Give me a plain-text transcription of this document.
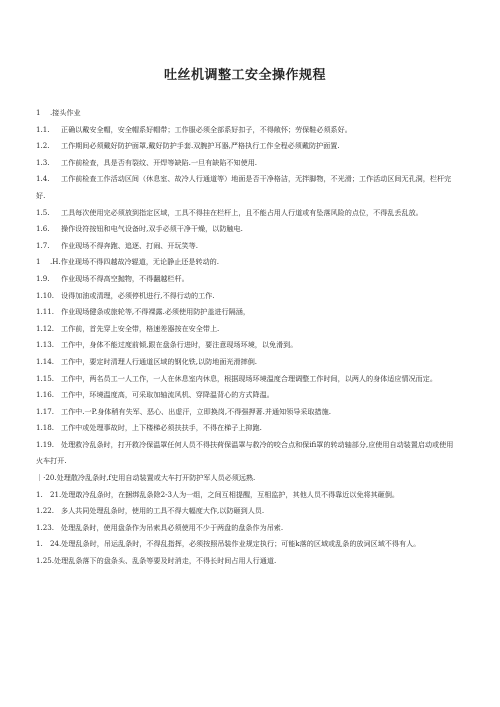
吐丝机调整工安全操作规程

1 .接头作业

1.1. 正确以戴安全帽，安全帽系好帽带；工作服必须全部系好扣子，不得敞怀；劳保鞋必须系好。

1.2. 工作期间必须戴好防护面罩,戴好防护手套.双腕护耳器,严格执行工作全程必须戴防护面置.

1.3. 工作前检查，具是否有裂纹、开焊等缺陷.一旦有缺陷不知使用.

1.4. 工作前检查工作活动区间（休息室、故冷人行通道等）地面是否干净格洁，无拌脚物，不光滑；工作活动区间无孔洞，栏杆完好.

1.5. 工具每次使用完必须放到指定区域，工具不得挂在栏杆上，且不能占用人行道或有坠落风险的点位，不得乱丢乱放。

1.6. 操作设符按钮和电气设备时,双手必须干净干燥，以防触电.

1.7. 作业现场不得奔跑、追逐、打闹、开玩笑等.

1 .H.作业现场不得四越故冷辊道，无论静止还是转动的.

1.9. 作业现场不得高空抛物，不得翻越栏杆。

1.10. 设得加油或清理，必须停机进行,不得行动的工作.

1.11. 作业现场健条或旅轮等,不得裸露.必须使用防护盖进行隔涵，

1.12. 工作前，首先穿上安全带，格速差器按在安全带上.

1.13. 工作中，身体不能过度前倾,跟在盘条行进时，要注意现场环境，以免滑到。

1.14. 工作中，要定时清理人行通道区域的钢化铁,以防地面光滑摔倒.

1.15. 工作中，两名员工一人工作，一人在休息室内休息，根据现场环境温度合理调整工作时间，以两人的身体适应情况而定。

1.16. 工作中，环境温度高，可采取加轴流风机、穿降温背心的方式降温。

1.17. 工作中.一P.身体稍有失军、恶心、出虚汗，立即换岗,不得强押著.并通知领导采取措施.

1.18. 工作中或处理事故时，上下楼梯必须扶扶手，不得在梯子上抑跑.

1.19. 处理救冷乱条时，打开救冷保温罩任何人员不得扶荷保温罩与救冷的咬合点和保ifi罩的转动轴部分,应使用自动装置启动或使用火车打开.

｜·20.处理散冷乱条时,f史用自动装置或大车打开防护军人员必须远熟.

1. 21.处理敢冷乱条时，在捆绑乱条除2-3人为一组，之间互相提醒，互相监护，其他人员不得靠近以免将其砸倒。

1.22. 多人共同处理乱条时，使用的工具不得大幅度大作,以防砸到人员.

1.23. 处理乱条时，使用盘条作为吊索具必须使用不少于两盘的盘条作为吊索.

1. 24.处理乱条时，吊运乱条时，不得乱指挥，必须按照吊装作业规定执行；可能k落的区域或乱条的放词区域不得有人。

1.25.处理乱条落下的盘条头、乱条等要及时消走，不得长时间占用人行通道.
